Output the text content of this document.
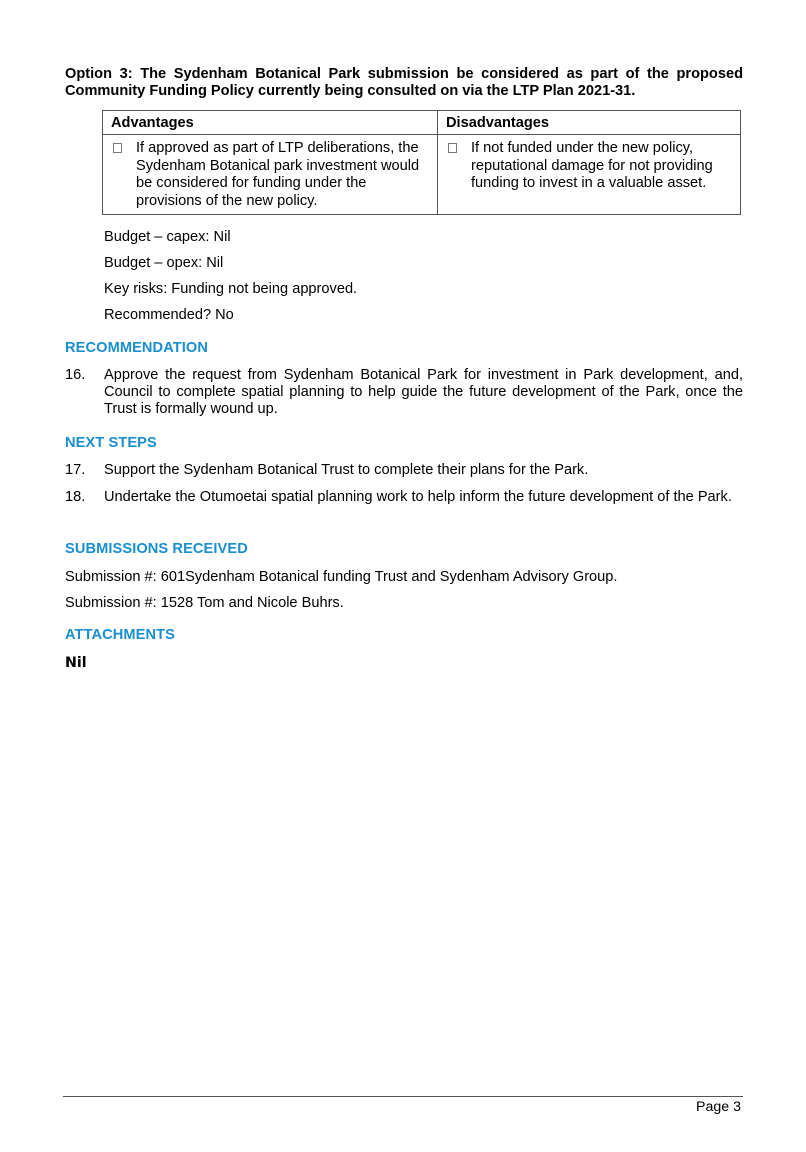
Option 3: The Sydenham Botanical Park submission be considered as part of the proposed Community Funding Policy currently being consulted on via the LTP Plan 2021-31.
Advantages	Disadvantages

If approved as part of LTP deliberations, the Sydenham Botanical park investment would be considered for funding under the provisions of the new policy.	If not funded under the new policy, reputational damage for not providing funding to invest in a valuable asset.
Budget – capex: Nil
Budget – opex: Nil
Key risks: Funding not being approved.
Recommended? No
RECOMMENDATION
16. Approve the request from Sydenham Botanical Park for investment in Park development, and, Council to complete spatial planning to help guide the future development of the Park, once the Trust is formally wound up.
NEXT STEPS
17. Support the Sydenham Botanical Trust to complete their plans for the Park.
18. Undertake the Otumoetai spatial planning work to help inform the future development of the Park.
SUBMISSIONS RECEIVED
Submission #: 601Sydenham Botanical funding Trust and Sydenham Advisory Group.
Submission #: 1528 Tom and Nicole Buhrs.
ATTACHMENTS
Nil
Page 3
